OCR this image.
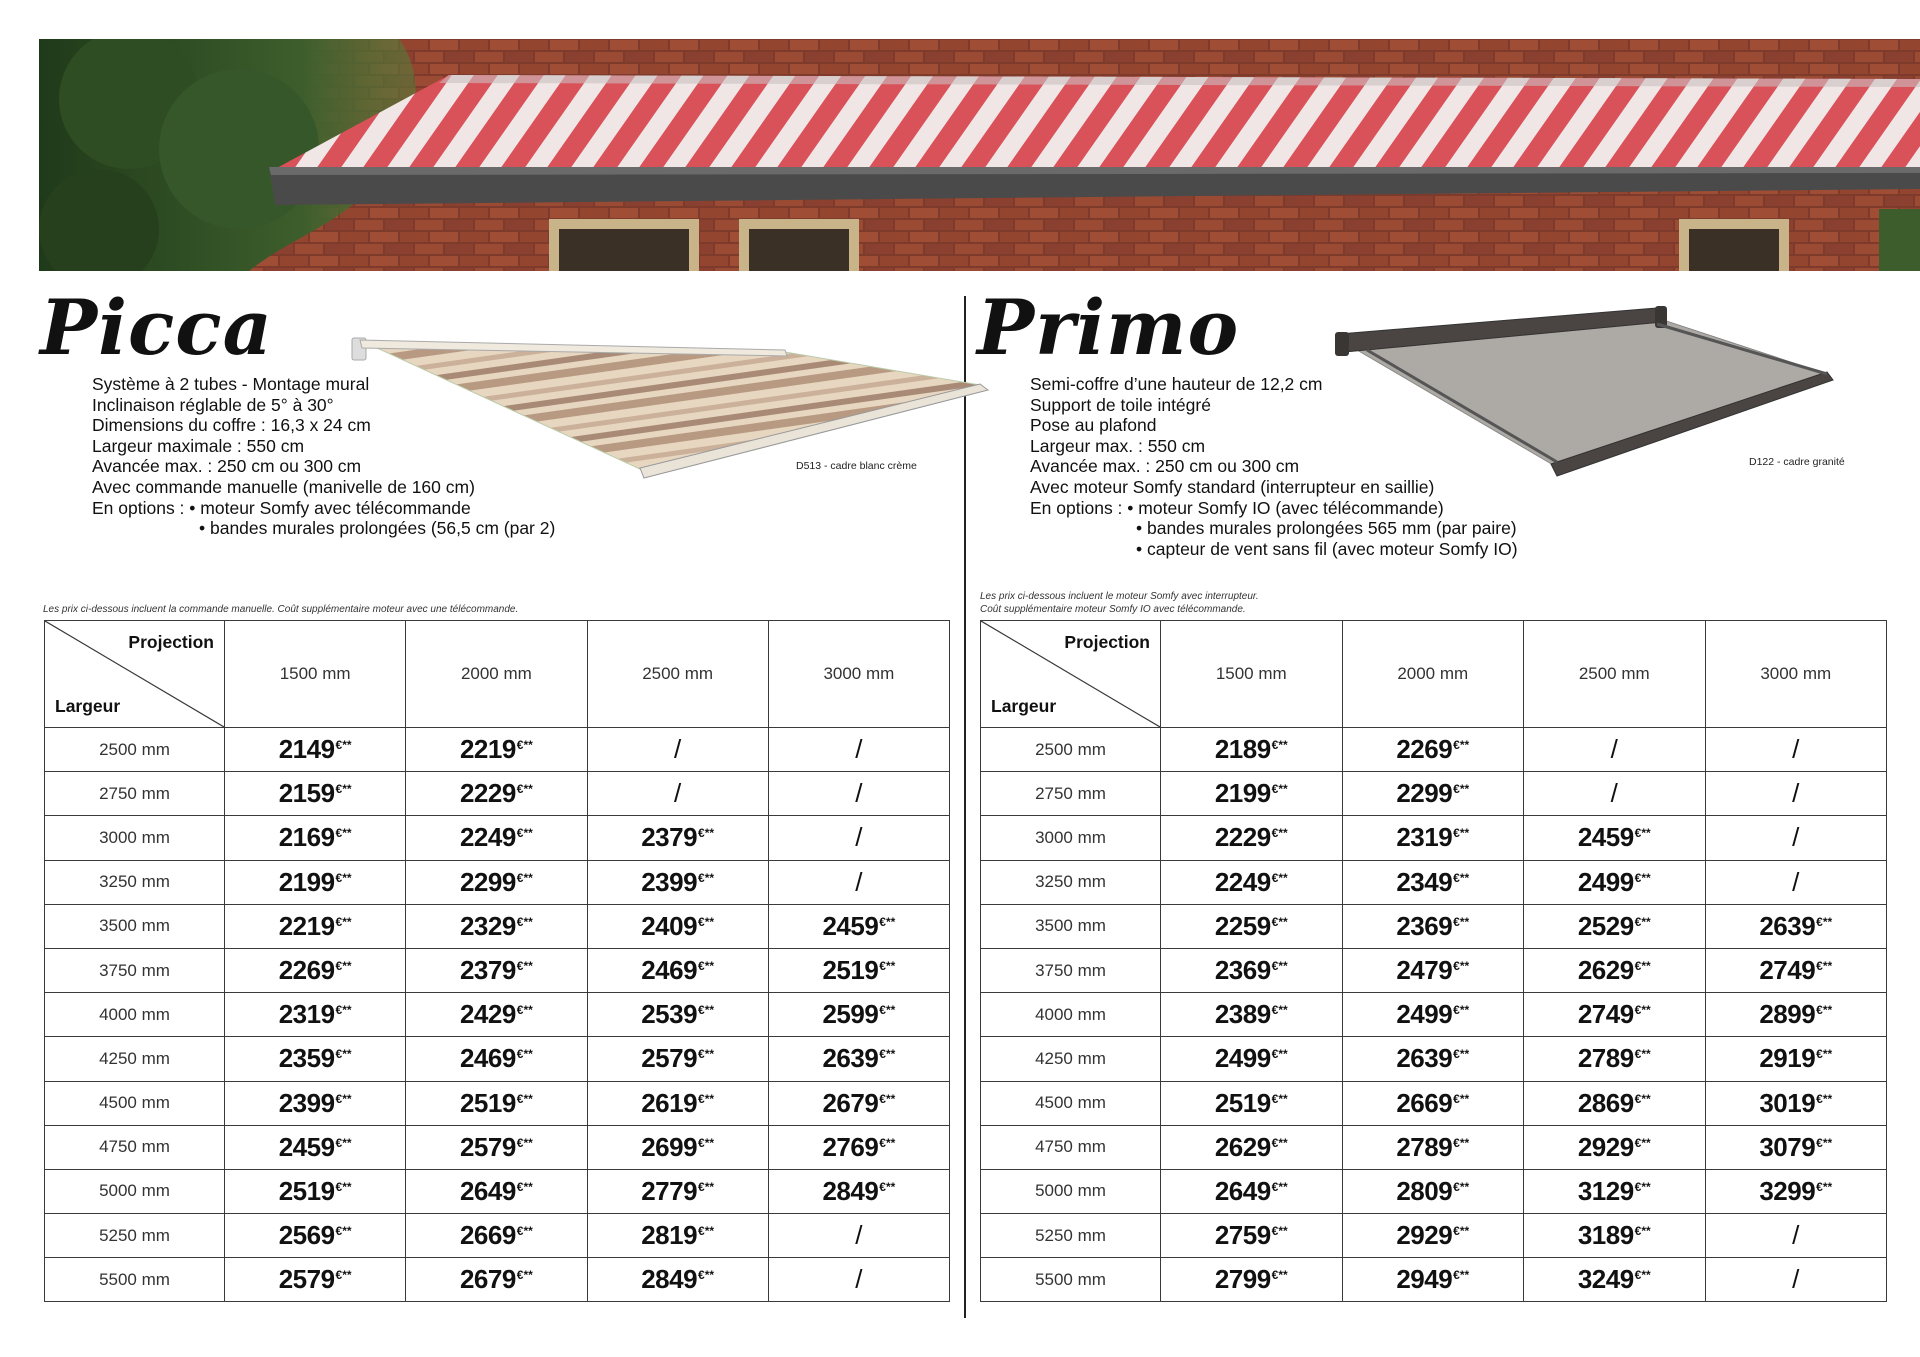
Picca
D513 - cadre blanc crème
Système à 2 tubes - Montage mural
Inclinaison réglable de 5° à 30°
Dimensions du coffre : 16,3 x 24 cm
Largeur maximale : 550 cm
Avancée max. : 250 cm ou 300 cm
Avec commande manuelle (manivelle de 160 cm)
En options : • moteur Somfy avec télécommande
• bandes murales prolongées (56,5 cm (par 2)
Les prix ci-dessous incluent la commande manuelle. Coût supplémentaire moteur avec une télécommande.
Projection
Largeur	1500 mm	2000 mm	2500 mm	3000 mm
2500 mm	2149€**	2219€**	/	/
2750 mm	2159€**	2229€**	/	/
3000 mm	2169€**	2249€**	2379€**	/
3250 mm	2199€**	2299€**	2399€**	/
3500 mm	2219€**	2329€**	2409€**	2459€**
3750 mm	2269€**	2379€**	2469€**	2519€**
4000 mm	2319€**	2429€**	2539€**	2599€**
4250 mm	2359€**	2469€**	2579€**	2639€**
4500 mm	2399€**	2519€**	2619€**	2679€**
4750 mm	2459€**	2579€**	2699€**	2769€**
5000 mm	2519€**	2649€**	2779€**	2849€**
5250 mm	2569€**	2669€**	2819€**	/
5500 mm	2579€**	2679€**	2849€**	/
Primo
D122 - cadre granité
Semi-coffre d’une hauteur de 12,2 cm
Support de toile intégré
Pose au plafond
Largeur max. : 550 cm
Avancée max. : 250 cm ou 300 cm
Avec moteur Somfy standard (interrupteur en saillie)
En options : • moteur Somfy IO (avec télécommande)
• bandes murales prolongées 565 mm (par paire)
• capteur de vent sans fil (avec moteur Somfy IO)
Les prix ci-dessous incluent le moteur Somfy avec interrupteur.
Coût supplémentaire moteur Somfy IO avec télécommande.
Projection
Largeur	1500 mm	2000 mm	2500 mm	3000 mm
2500 mm	2189€**	2269€**	/	/
2750 mm	2199€**	2299€**	/	/
3000 mm	2229€**	2319€**	2459€**	/
3250 mm	2249€**	2349€**	2499€**	/
3500 mm	2259€**	2369€**	2529€**	2639€**
3750 mm	2369€**	2479€**	2629€**	2749€**
4000 mm	2389€**	2499€**	2749€**	2899€**
4250 mm	2499€**	2639€**	2789€**	2919€**
4500 mm	2519€**	2669€**	2869€**	3019€**
4750 mm	2629€**	2789€**	2929€**	3079€**
5000 mm	2649€**	2809€**	3129€**	3299€**
5250 mm	2759€**	2929€**	3189€**	/
5500 mm	2799€**	2949€**	3249€**	/
